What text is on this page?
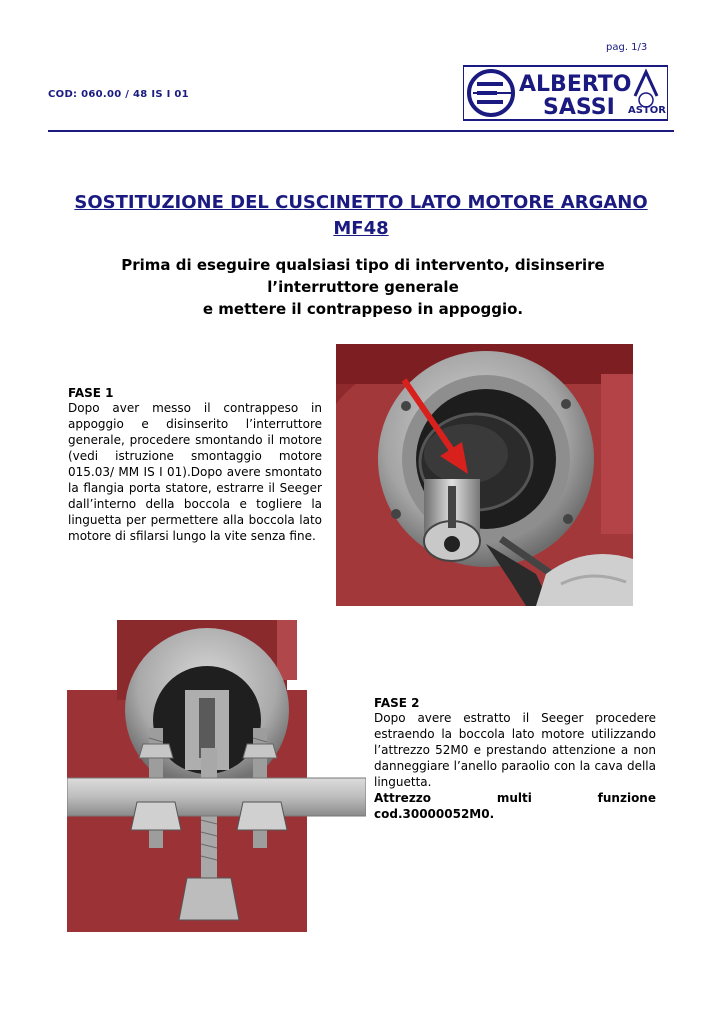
pag. 1/3
COD: 060.00 / 48 IS I 01	ALBERTO
SASSI ASTOR
SOSTITUZIONE DEL CUSCINETTO LATO MOTORE ARGANO
MF48
Prima di eseguire qualsiasi tipo di intervento, disinserire
l’interruttore generale
e mettere il contrappeso in appoggio.
FASE 1
Dopo aver messo il contrappeso in appoggio e disinserito l’interruttore generale, procedere smontando il motore (vedi istruzione smontaggio motore 015.03/ MM IS I 01).Dopo avere smontato la flangia porta statore, estrarre il Seeger dall’interno della boccola e togliere la linguetta per permettere alla boccola lato motore di sfilarsi lungo la vite senza fine.
FASE 2
Dopo avere estratto il Seeger procedere estraendo la boccola lato motore utilizzando l’attrezzo 52M0 e prestando attenzione a non danneggiare l’anello paraolio con la cava della linguetta.
Attrezzo multi funzione
cod.30000052M0.
